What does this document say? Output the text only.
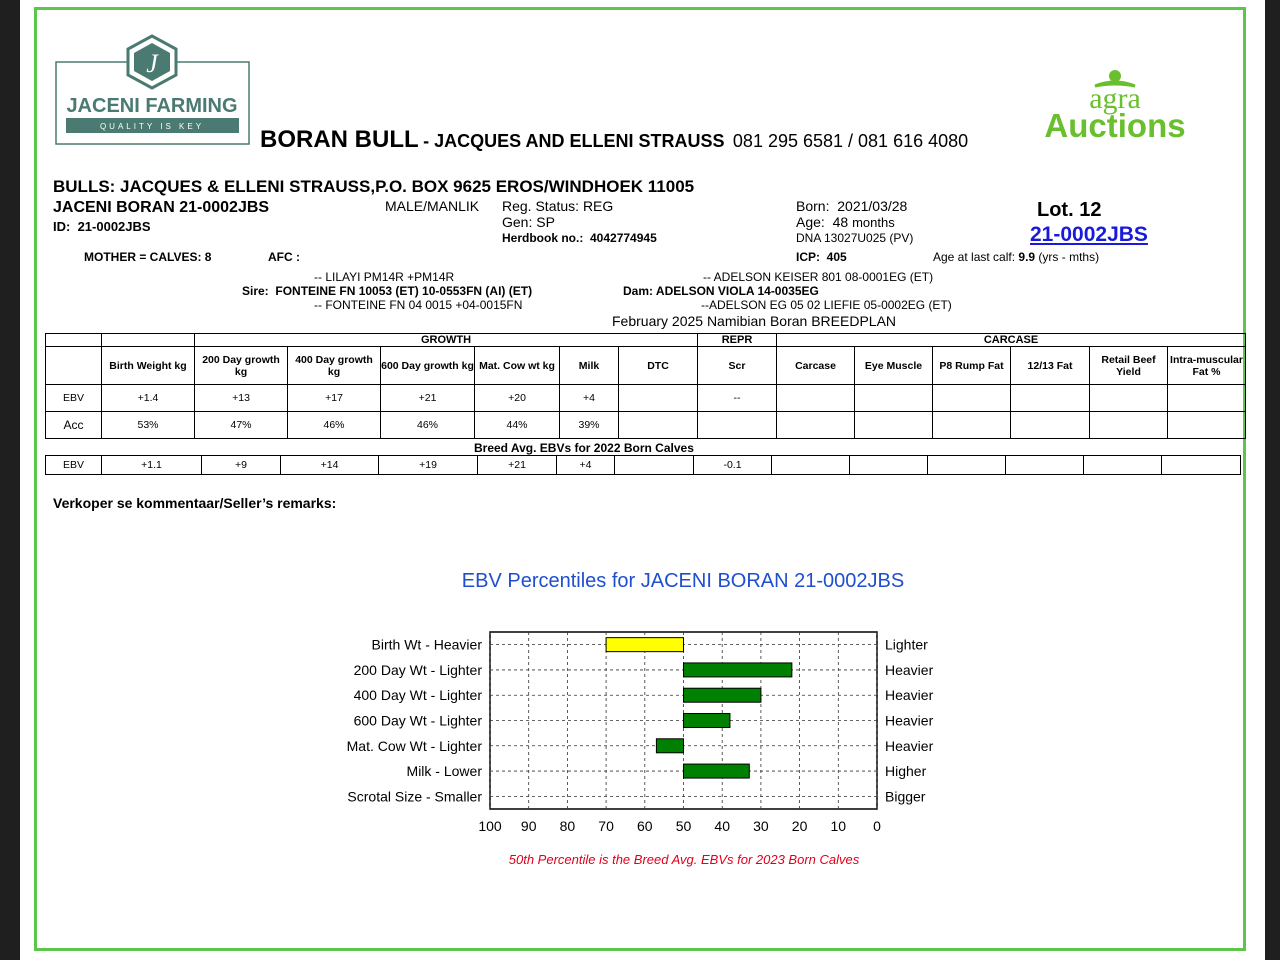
J
JACENI FARMING
QUALITY IS KEY
agra
Auctions
BORAN BULL - JACQUES AND ELLENI STRAUSS 081 295 6581 / 081 616 4080
BULLS: JACQUES & ELLENI STRAUSS,P.O. BOX 9625 EROS/WINDHOEK 11005
JACENI BORAN 21-0002JBS
ID: 21-0002JBS
MALE/MANLIK Reg. Status: REG
Gen: SP
Herdbook no.: 4042774945
Born: 2021/03/28
Age: 48 months
DNA 13027U025 (PV)
Lot. 12
21-0002JBS
MOTHER = CALVES: 8	AFC :	ICP: 405	Age at last calf: 9.9 (yrs - mths)
-- LILAYI PM14R +PM14R
Sire: FONTEINE FN 10053 (ET) 10-0553FN (AI) (ET)
-- FONTEINE FN 04 0015 +04-0015FN
-- ADELSON KEISER 801 08-0001EG (ET)
Dam: ADELSON VIOLA 14-0035EG
--ADELSON EG 05 02 LIEFIE 05-0002EG (ET)
February 2025 Namibian Boran BREEDPLAN
		GROWTH						REPR	CARCASE					
	Birth Weight kg	200 Day growth kg	400 Day growth kg	600 Day growth kg	Mat. Cow wt kg	Milk	DTC	Scr	Carcase	Eye Muscle	P8 Rump Fat	12/13 Fat	Retail Beef Yield	Intra-muscular Fat %
EBV	+1.4	+13	+17	+21	+20	+4		--						
Acc	53%	47%	46%	46%	44%	39%								
Breed Avg. EBVs for 2022 Born Calves
EBV	+1.1	+9	+14	+19	+21	+4		-0.1						
Verkoper se kommentaar/Seller’s remarks:
EBV Percentiles for JACENI BORAN 21-0002JBS
Birth Wt - Heavier	Lighter
200 Day Wt - Lighter	Heavier
400 Day Wt - Lighter	Heavier
600 Day Wt - Lighter	Heavier
Mat. Cow Wt - Lighter	Heavier
Milk - Lower	Higher
Scrotal Size - Smaller	Bigger
100 90 80 70 60 50 40 30 20 10 0
50th Percentile is the Breed Avg. EBVs for 2023 Born Calves
